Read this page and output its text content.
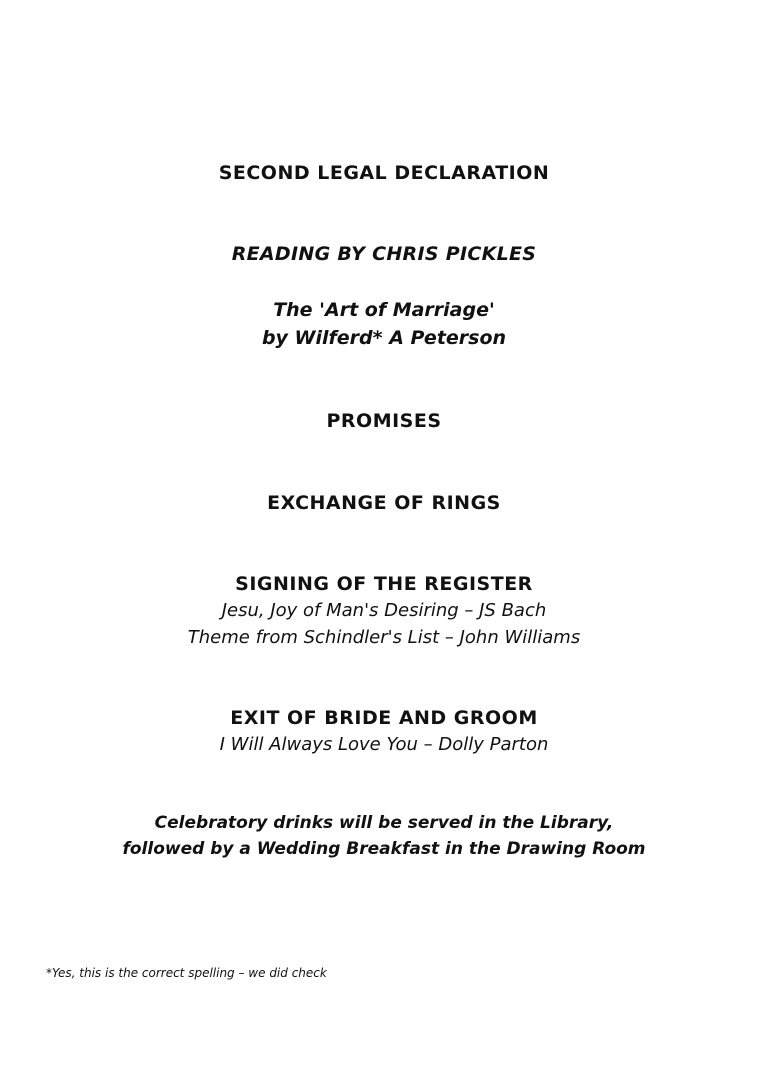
SECOND LEGAL DECLARATION
READING BY CHRIS PICKLES
The 'Art of Marriage'
by Wilferd* A Peterson
PROMISES
EXCHANGE OF RINGS
SIGNING OF THE REGISTER
Jesu, Joy of Man's Desiring – JS Bach
Theme from Schindler's List – John Williams
EXIT OF BRIDE AND GROOM
I Will Always Love You – Dolly Parton
Celebratory drinks will be served in the Library,
followed by a Wedding Breakfast in the Drawing Room
*Yes, this is the correct spelling – we did check
